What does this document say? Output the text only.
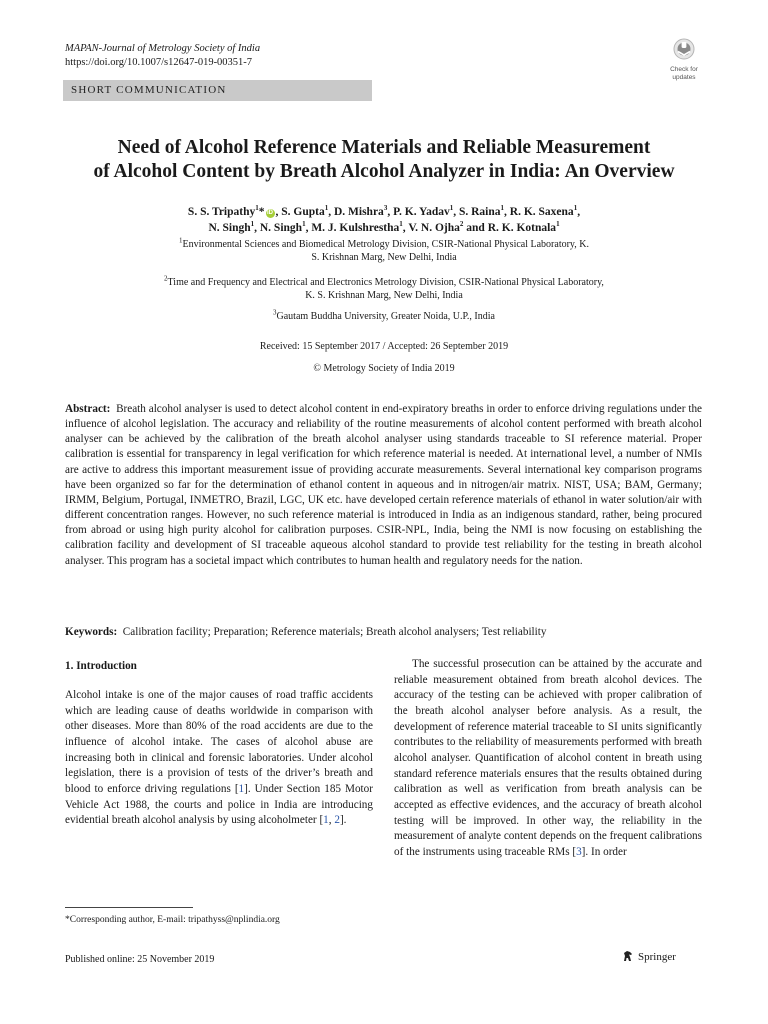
MAPAN-Journal of Metrology Society of India
https://doi.org/10.1007/s12647-019-00351-7
Check for
updates
SHORT COMMUNICATION
Need of Alcohol Reference Materials and Reliable Measurement
of Alcohol Content by Breath Alcohol Analyzer in India: An Overview

S. S. Tripathy$^1$* iD , S. Gupta$^1$, D. Mishra$^3$, P. K. Yadav$^1$, S. Raina$^1$, R. K. Saxena$^1$,
N. Singh$^1$, N. Singh$^1$, M. J. Kulshrestha$^1$, V. N. Ojha$^2$ and R. K. Kotnala$^1$

$^1$Environmental Sciences and Biomedical Metrology Division, CSIR-National Physical Laboratory, K.
S. Krishnan Marg, New Delhi, India

$^2$Time and Frequency and Electrical and Electronics Metrology Division, CSIR-National Physical Laboratory,
K. S. Krishnan Marg, New Delhi, India

$^3$Gautam Buddha University, Greater Noida, U.P., India

Received: 15 September 2017 / Accepted: 26 September 2019
© Metrology Society of India 2019

Abstract: Breath alcohol analyser is used to detect alcohol content in end-expiratory breaths in order to enforce driving regulations under the influence of alcohol legislation. The accuracy and reliability of the routine measurements of alcohol content performed with breath alcohol analyser can be achieved by the calibration of the breath alcohol analyser using standards traceable to SI reference material. Proper calibration is essential for transparency in legal verification for which reference material is needed. At international level, a number of NMIs are active to address this important measurement issue of providing accurate measurements. Several international key comparison programs have been organized so far for the determination of ethanol content in aqueous and in nitrogen/air matrix. NIST, USA; BAM, Germany; IRMM, Belgium, Portugal, INMETRO, Brazil, LGC, UK etc. have developed certain reference materials of ethanol in water solution/air with different concentration ranges. However, no such reference material is introduced in India as an indigenous standard, rather, being procured from abroad or using high purity alcohol for calibration purposes. CSIR-NPL, India, being the NMI is now focusing on establishing the calibration facility and development of SI traceable aqueous alcohol standard to provide test reliability for the testing in breath alcohol analyser. This program has a societal impact which contributes to human health and regulatory needs for the nation.

Keywords: Calibration facility; Preparation; Reference materials; Breath alcohol analysers; Test reliability

1. Introduction

Alcohol intake is one of the major causes of road traffic accidents which are leading cause of deaths worldwide in comparison with other diseases. More than 80% of the road accidents are due to the influence of alcohol intake. The cases of alcohol abuse are increasing both in clinical and forensic laboratories. Under alcohol legislation, there is a provision of tests of the driver’s breath and blood to enforce driving regulations [1]. Under Section 185 Motor Vehicle Act 1988, the courts and police in India are introducing evidential breath alcohol analysis by using alcoholmeter [1, 2].

The successful prosecution can be attained by the accurate and reliable measurement obtained from breath alcohol devices. The accuracy of the testing can be achieved with proper calibration of the breath alcohol analyser before analysis. As a result, the development of reference material traceable to SI units significantly contributes to the reliability of measurements performed with breath alcohol analyser. Quantification of alcohol content in breath using standard reference materials ensures that the results obtained during calibration as well as verification from breath analysis can be accepted as effective evidences, and the accuracy of breath alcohol testing will be improved. In other way, the reliability in the measurement of analyte content depends on the frequent calibrations of the instruments using traceable RMs [3]. In order

*Corresponding author, E-mail: tripathyss@nplindia.org
Published online: 25 November 2019	Springer
